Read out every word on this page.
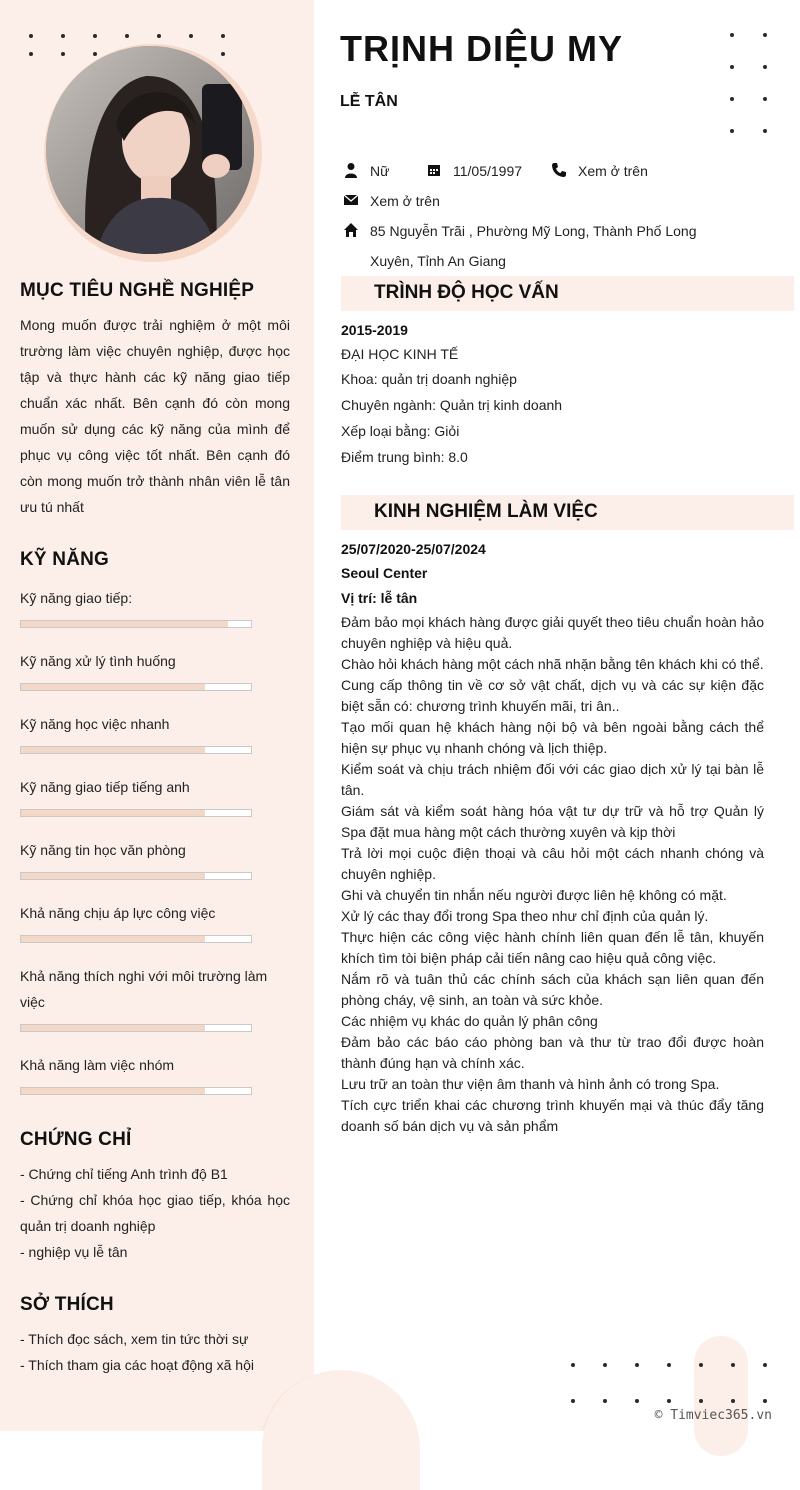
MỤC TIÊU NGHỀ NGHIỆP
Mong muốn được trải nghiệm ở một môi trường làm việc chuyên nghiệp, được học tập và thực hành các kỹ năng giao tiếp chuẩn xác nhất. Bên cạnh đó còn mong muốn sử dụng các kỹ năng của mình để phục vụ công việc tốt nhất. Bên cạnh đó còn mong muốn trở thành nhân viên lễ tân ưu tú nhất
KỸ NĂNG
Kỹ năng giao tiếp:
Kỹ năng xử lý tình huống
Kỹ năng học việc nhanh
Kỹ năng giao tiếp tiếng anh
Kỹ năng tin học văn phòng
Khả năng chịu áp lực công việc
Khả năng thích nghi với môi trường làm việc
Khả năng làm việc nhóm
CHỨNG CHỈ
- Chứng chỉ tiếng Anh trình độ B1
- Chứng chỉ khóa học giao tiếp, khóa học quản trị doanh nghiệp
- nghiệp vụ lễ tân
SỞ THÍCH
- Thích đọc sách, xem tin tức thời sự
- Thích tham gia các hoạt động xã hội
TRỊNH DIỆU MY
LỄ TÂN
Nữ	11/05/1997	Xem ở trên
Xem ở trên
85 Nguyễn Trãi , Phường Mỹ Long, Thành Phố Long
Xuyên, Tỉnh An Giang
TRÌNH ĐỘ HỌC VẤN
2015-2019
ĐẠI HỌC KINH TẾ
Khoa: quản trị doanh nghiệp
Chuyên ngành: Quản trị kinh doanh
Xếp loại bằng: Giỏi
Điểm trung bình: 8.0
KINH NGHIỆM LÀM VIỆC
25/07/2020-25/07/2024
Seoul Center
Vị trí: lễ tân
Đảm bảo mọi khách hàng được giải quyết theo tiêu chuẩn hoàn hảo chuyên nghiệp và hiệu quả.
Chào hỏi khách hàng một cách nhã nhặn bằng tên khách khi có thể.
Cung cấp thông tin về cơ sở vật chất, dịch vụ và các sự kiện đặc biệt sẵn có: chương trình khuyến mãi, tri ân..
Tạo mối quan hệ khách hàng nội bộ và bên ngoài bằng cách thể hiện sự phục vụ nhanh chóng và lịch thiệp.
Kiểm soát và chịu trách nhiệm đối với các giao dịch xử lý tại bàn lễ tân.
Giám sát và kiểm soát hàng hóa vật tư dự trữ và hỗ trợ Quản lý Spa đặt mua hàng một cách thường xuyên và kịp thời
Trả lời mọi cuộc điện thoại và câu hỏi một cách nhanh chóng và chuyên nghiệp.
Ghi và chuyển tin nhắn nếu người được liên hệ không có mặt.
Xử lý các thay đổi trong Spa theo như chỉ định của quản lý.
Thực hiện các công việc hành chính liên quan đến lễ tân, khuyến khích tìm tòi biện pháp cải tiến nâng cao hiệu quả công việc.
Nắm rõ và tuân thủ các chính sách của khách sạn liên quan đến phòng cháy, vệ sinh, an toàn và sức khỏe.
Các nhiệm vụ khác do quản lý phân công
Đảm bảo các báo cáo phòng ban và thư từ trao đổi được hoàn thành đúng hạn và chính xác.
Lưu trữ an toàn thư viện âm thanh và hình ảnh có trong Spa.
Tích cực triển khai các chương trình khuyến mại và thúc đẩy tăng doanh số bán dịch vụ và sản phẩm
© Timviec365.vn
